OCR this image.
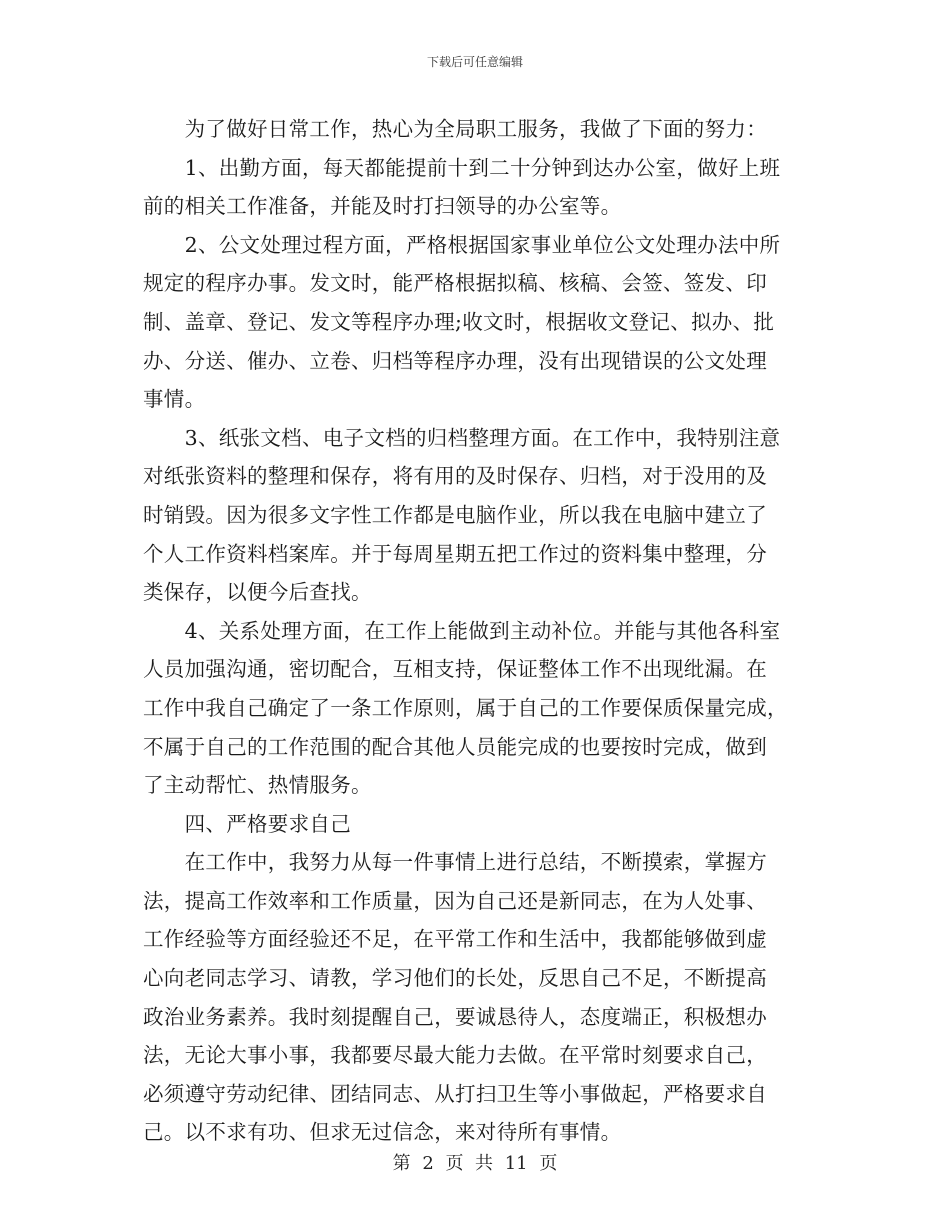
下载后可任意编辑
　　为了做好日常工作，热心为全局职工服务，我做了下面的努力：
　　1、出勤方面，每天都能提前十到二十分钟到达办公室，做好上班
前的相关工作准备，并能及时打扫领导的办公室等。
　　2、公文处理过程方面，严格根据国家事业单位公文处理办法中所
规定的程序办事。发文时，能严格根据拟稿、核稿、会签、签发、印
制、盖章、登记、发文等程序办理;收文时，根据收文登记、拟办、批
办、分送、催办、立卷、归档等程序办理，没有出现错误的公文处理
事情。
　　3、纸张文档、电子文档的归档整理方面。在工作中，我特别注意
对纸张资料的整理和保存，将有用的及时保存、归档，对于没用的及
时销毁。因为很多文字性工作都是电脑作业，所以我在电脑中建立了
个人工作资料档案库。并于每周星期五把工作过的资料集中整理，分
类保存，以便今后查找。
　　4、关系处理方面，在工作上能做到主动补位。并能与其他各科室
人员加强沟通，密切配合，互相支持，保证整体工作不出现纰漏。在
工作中我自己确定了一条工作原则，属于自己的工作要保质保量完成，
不属于自己的工作范围的配合其他人员能完成的也要按时完成，做到
了主动帮忙、热情服务。
　　四、严格要求自己
　　在工作中，我努力从每一件事情上进行总结，不断摸索，掌握方
法，提高工作效率和工作质量，因为自己还是新同志，在为人处事、
工作经验等方面经验还不足，在平常工作和生活中，我都能够做到虚
心向老同志学习、请教，学习他们的长处，反思自己不足，不断提高
政治业务素养。我时刻提醒自己，要诚恳待人，态度端正，积极想办
法，无论大事小事，我都要尽最大能力去做。在平常时刻要求自己，
必须遵守劳动纪律、团结同志、从打扫卫生等小事做起，严格要求自
己。以不求有功、但求无过信念，来对待所有事情。
第 2 页  共 11 页
